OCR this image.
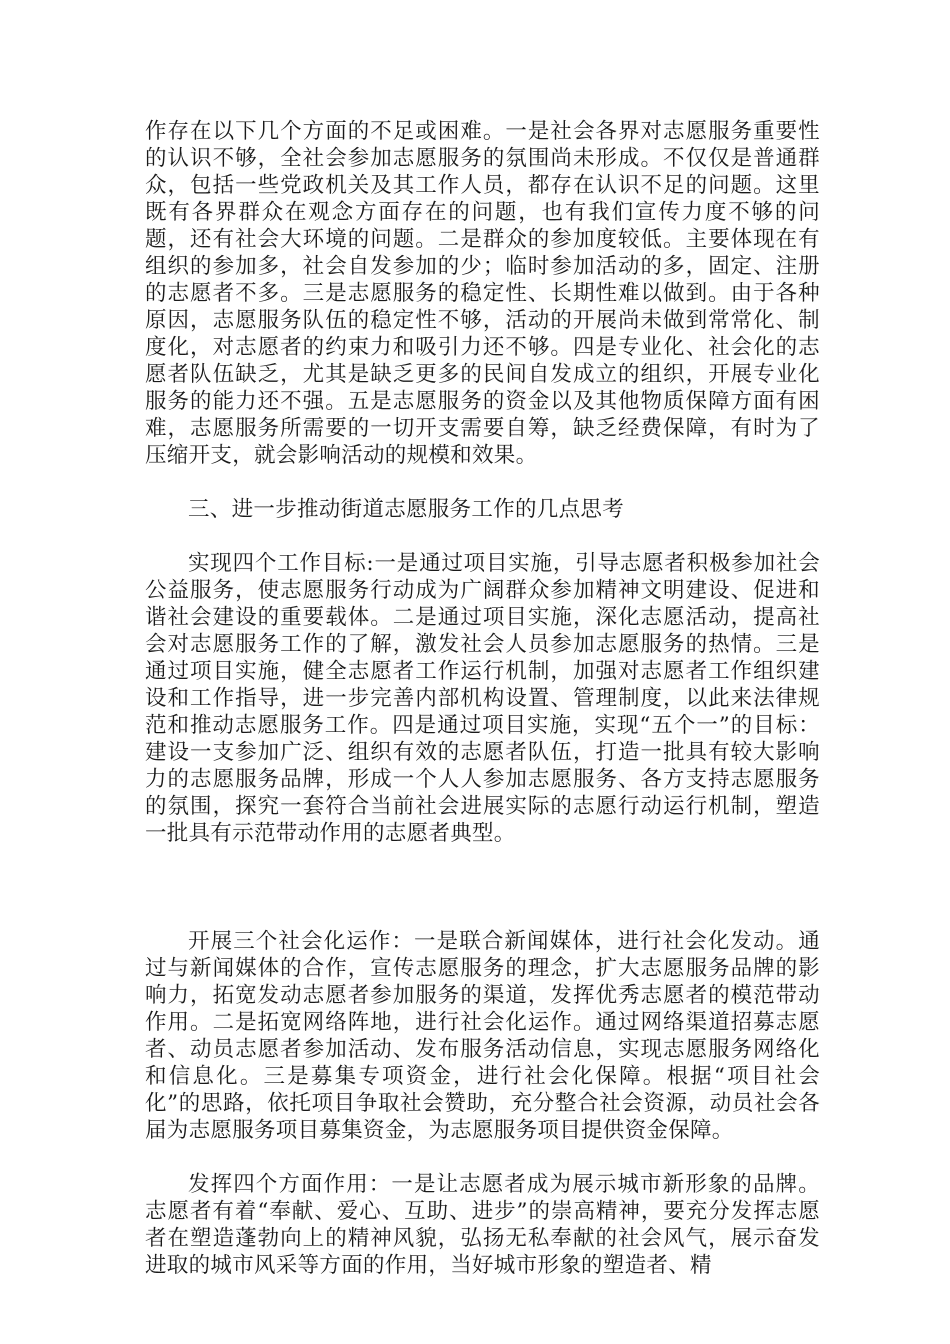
作存在以下几个方面的不足或困难。一是社会各界对志愿服务重要性的认识不够，全社会参加志愿服务的氛围尚未形成。不仅仅是普通群众，包括一些党政机关及其工作人员，都存在认识不足的问题。这里既有各界群众在观念方面存在的问题，也有我们宣传力度不够的问题，还有社会大环境的问题。二是群众的参加度较低。主要体现在有组织的参加多，社会自发参加的少；临时参加活动的多，固定、注册的志愿者不多。三是志愿服务的稳定性、长期性难以做到。由于各种原因，志愿服务队伍的稳定性不够，活动的开展尚未做到常常化、制度化，对志愿者的约束力和吸引力还不够。四是专业化、社会化的志愿者队伍缺乏，尤其是缺乏更多的民间自发成立的组织，开展专业化服务的能力还不强。五是志愿服务的资金以及其他物质保障方面有困难，志愿服务所需要的一切开支需要自筹，缺乏经费保障，有时为了压缩开支，就会影响活动的规模和效果。

三、进一步推动街道志愿服务工作的几点思考

实现四个工作目标:一是通过项目实施，引导志愿者积极参加社会公益服务，使志愿服务行动成为广阔群众参加精神文明建设、促进和谐社会建设的重要载体。二是通过项目实施，深化志愿活动，提高社会对志愿服务工作的了解，激发社会人员参加志愿服务的热情。三是通过项目实施，健全志愿者工作运行机制，加强对志愿者工作组织建设和工作指导，进一步完善内部机构设置、管理制度，以此来法律规范和推动志愿服务工作。四是通过项目实施，实现“五个一”的目标：建设一支参加广泛、组织有效的志愿者队伍，打造一批具有较大影响力的志愿服务品牌，形成一个人人参加志愿服务、各方支持志愿服务的氛围，探究一套符合当前社会进展实际的志愿行动运行机制，塑造一批具有示范带动作用的志愿者典型。

开展三个社会化运作：一是联合新闻媒体，进行社会化发动。通过与新闻媒体的合作，宣传志愿服务的理念，扩大志愿服务品牌的影响力，拓宽发动志愿者参加服务的渠道，发挥优秀志愿者的模范带动作用。二是拓宽网络阵地，进行社会化运作。通过网络渠道招募志愿者、动员志愿者参加活动、发布服务活动信息，实现志愿服务网络化和信息化。三是募集专项资金，进行社会化保障。根据“项目社会化”的思路，依托项目争取社会赞助，充分整合社会资源，动员社会各届为志愿服务项目募集资金，为志愿服务项目提供资金保障。

发挥四个方面作用：一是让志愿者成为展示城市新形象的品牌。志愿者有着“奉献、爱心、互助、进步”的崇高精神，要充分发挥志愿者在塑造蓬勃向上的精神风貌，弘扬无私奉献的社会风气，展示奋发进取的城市风采等方面的作用，当好城市形象的塑造者、精
